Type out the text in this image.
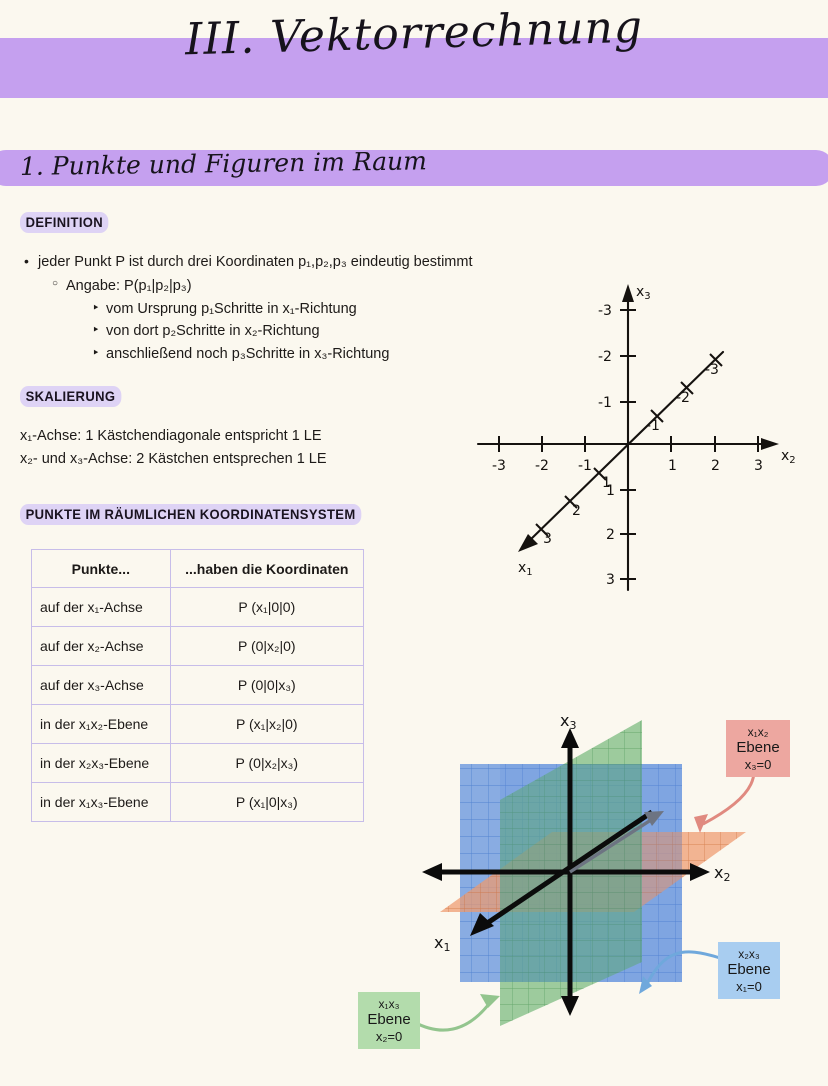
III. Vektorrechnung
1. Punkte und Figuren im Raum
DEFINITION
• jeder Punkt P ist durch drei Koordinaten p₁,p₂,p₃ eindeutig bestimmt
○ Angabe: P(p₁|p₂|p₃)
‣ vom Ursprung p₁Schritte in x₁-Richtung
‣ von dort p₂Schritte in x₂-Richtung
‣ anschließend noch p₃Schritte in x₃-Richtung
SKALIERUNG
x₁-Achse: 1 Kästchendiagonale entspricht 1 LE
x₂- und x₃-Achse: 2 Kästchen entsprechen 1 LE
PUNKTE IM RÄUMLICHEN KOORDINATENSYSTEM
Punkte...	...haben die Koordinaten
auf der x₁-Achse	P (x₁|0|0)
auf der x₂-Achse	P (0|x₂|0)
auf der x₃-Achse	P (0|0|x₃)
in der x₁x₂-Ebene	P (x₁|x₂|0)
in der x₂x₃-Ebene	P (0|x₂|x₃)
in der x₁x₃-Ebene	P (x₁|0|x₃)
$x_3$
$x_2$
$x_1$
-3
-2
-1
1
2
3
-3 -2 -1	1 2 3
1
2
3
-1
-2
-3
x3
x2
x1
x₁x₂
Ebene
x₃=0
x₂x₃
Ebene
x₁=0
x₁x₃
Ebene
x₂=0
